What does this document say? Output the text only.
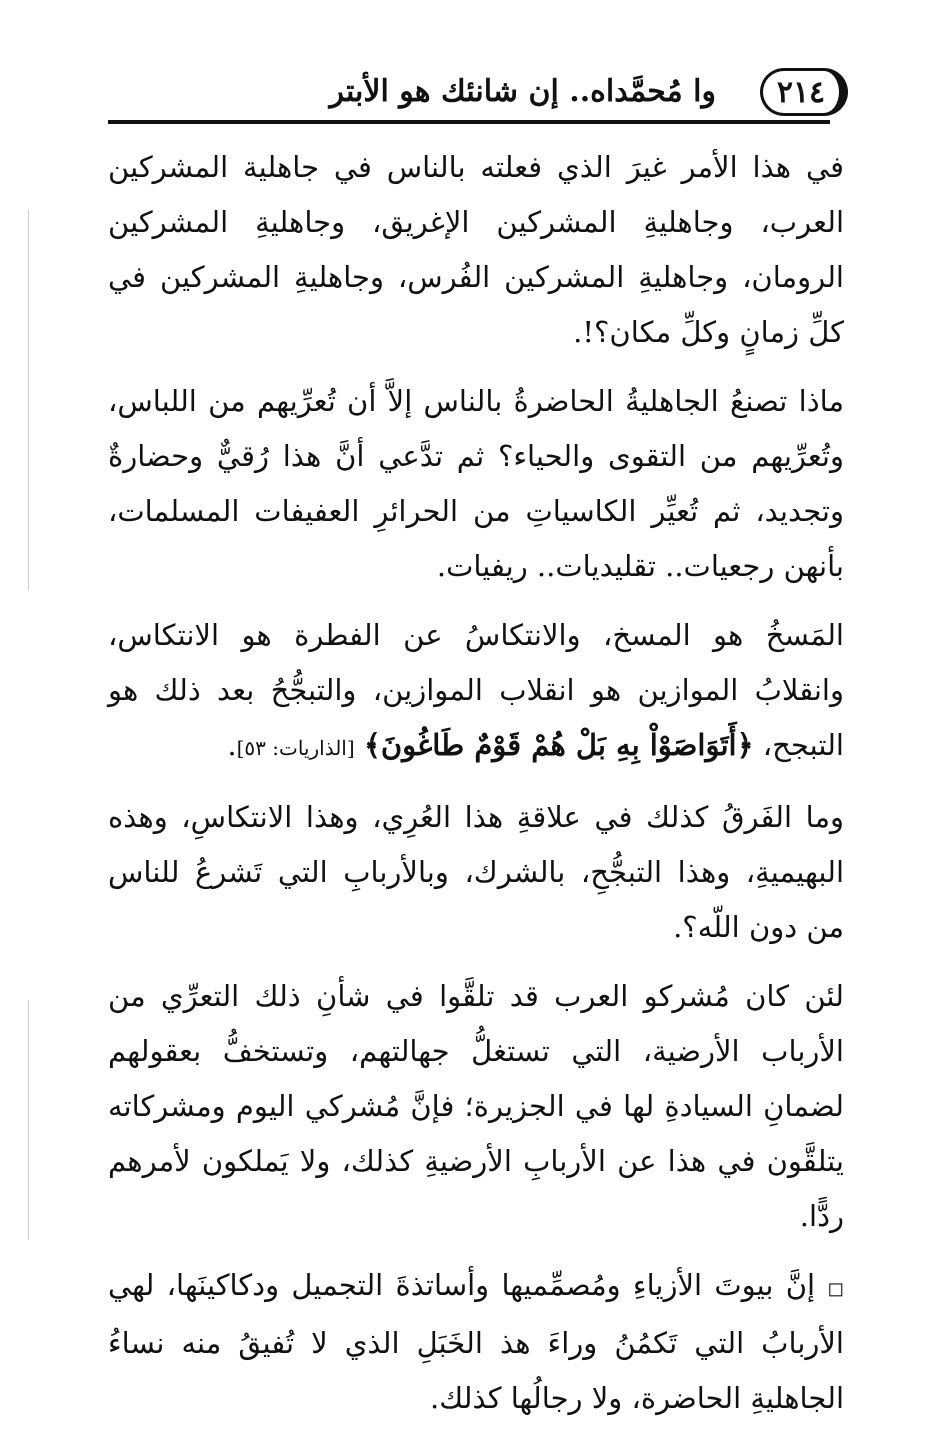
٢١٤
وا مُحمَّداه.. إن شانئك هو الأبتر

في هذا الأمر غيرَ الذي فعلته بالناس في جاهلية المشركين العرب، وجاهليةِ المشركين الإغريق، وجاهليةِ المشركين الرومان، وجاهليةِ المشركين الفُرس، وجاهليةِ المشركين في كلِّ زمانٍ وكلِّ مكان؟!.

ماذا تصنعُ الجاهليةُ الحاضرةُ بالناس إلاَّ أن تُعرِّيهم من اللباس، وتُعرِّيهم من التقوى والحياء؟ ثم تدَّعي أنَّ هذا رُقيٌّ وحضارةٌ وتجديد، ثم تُعيِّر الكاسياتِ من الحرائرِ العفيفات المسلمات، بأنهن رجعيات.. تقليديات.. ريفيات.

المَسخُ هو المسخ، والانتكاسُ عن الفطرة هو الانتكاس، وانقلابُ الموازين هو انقلاب الموازين، والتبجُّحُ بعد ذلك هو التبجح، ﴿أَتَوَاصَوْاْ بِهِ بَلْ هُمْ قَوْمٌ طَاغُونَ﴾ [الذاريات: ٥٣].

وما الفَرقُ كذلك في علاقةِ هذا العُرِي، وهذا الانتكاسِ، وهذه البهيميةِ، وهذا التبجُّحِ، بالشرك، وبالأربابِ التي تَشرعُ للناس من دون اللّه؟.

لئن كان مُشركو العرب قد تلقَّوا في شأنِ ذلك التعرِّي من الأرباب الأرضية، التي تستغلُّ جهالتهم، وتستخفُّ بعقولهم لضمانِ السيادةِ لها في الجزيرة؛ فإنَّ مُشركي اليوم ومشركاته يتلقَّون في هذا عن الأربابِ الأرضيةِ كذلك، ولا يَملكون لأمرهم ردًّا.

◻ إنَّ بيوتَ الأزياءِ ومُصمِّميها وأساتذةَ التجميل ودكاكينَها، لهي الأربابُ التي تَكمُنُ وراءَ هذ الخَبَلِ الذي لا تُفيقُ منه نساءُ الجاهليةِ الحاضرة، ولا رجالُها كذلك.
